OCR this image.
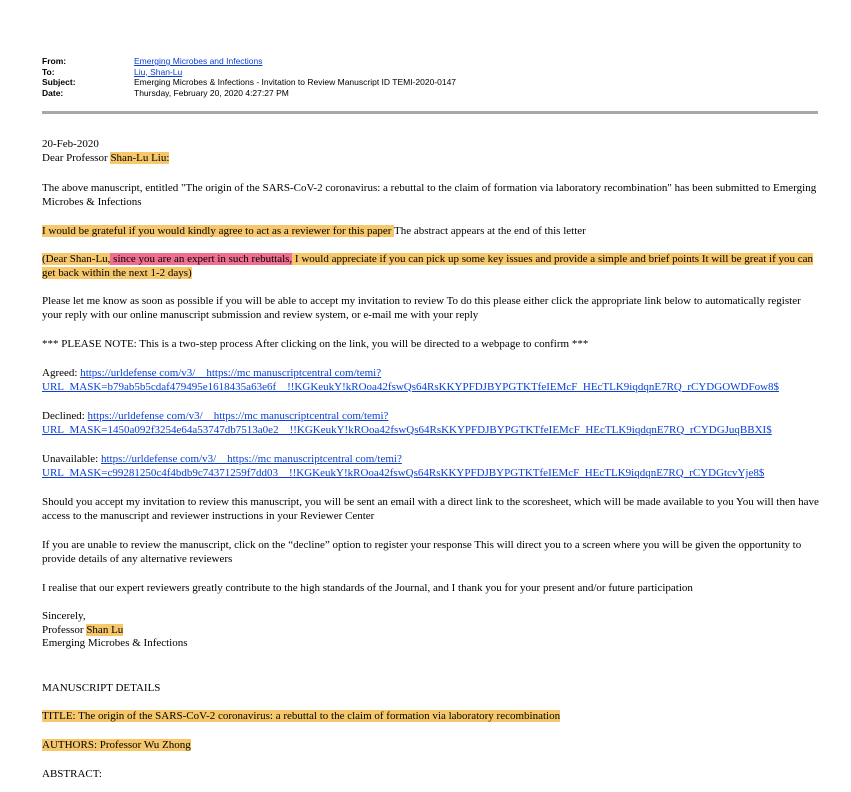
From:	Emerging Microbes and Infections
To:	Liu, Shan-Lu
Subject:	Emerging Microbes & Infections - Invitation to Review Manuscript ID TEMI-2020-0147
Date:	Thursday, February 20, 2020 4:27:27 PM

20-Feb-2020

Dear Professor Shan-Lu Liu:

The above manuscript, entitled "The origin of the SARS-CoV-2 coronavirus: a rebuttal to the claim of formation via laboratory recombination" has been submitted to Emerging Microbes & Infections

I would be grateful if you would kindly agree to act as a reviewer for this paper The abstract appears at the end of this letter

(Dear Shan-Lu, since you are an expert in such rebuttals, I would appreciate if you can pick up some key issues and provide a simple and brief points It will be great if you can get back within the next 1-2 days)

Please let me know as soon as possible if you will be able to accept my invitation to review To do this please either click the appropriate link below to automatically register your reply with our online manuscript submission and review system, or e-mail me with your reply

*** PLEASE NOTE: This is a two-step process After clicking on the link, you will be directed to a webpage to confirm ***

Agreed: https://urldefense com/v3/__https://mc manuscriptcentral com/temi?
URL_MASK=b79ab5b5cdaf479495e1618435a63e6f__!!KGKeukY!kROoa42fswQs64RsKKYPFDJBYPGTKTfeIEMcF_HEcTLK9iqdqnE7RQ_rCYDGOWDFow8$

Declined: https://urldefense com/v3/__https://mc manuscriptcentral com/temi?
URL_MASK=1450a092f3254e64a53747db7513a0e2__!!KGKeukY!kROoa42fswQs64RsKKYPFDJBYPGTKTfeIEMcF_HEcTLK9iqdqnE7RQ_rCYDGJuqBBXI$

Unavailable: https://urldefense com/v3/__https://mc manuscriptcentral com/temi?
URL_MASK=c99281250c4f4bdb9c74371259f7dd03__!!KGKeukY!kROoa42fswQs64RsKKYPFDJBYPGTKTfeIEMcF_HEcTLK9iqdqnE7RQ_rCYDGtcvYje8$

Should you accept my invitation to review this manuscript, you will be sent an email with a direct link to the scoresheet, which will be made available to you You will then have access to the manuscript and reviewer instructions in your Reviewer Center

If you are unable to review the manuscript, click on the “decline” option to register your response This will direct you to a screen where you will be given the opportunity to provide details of any alternative reviewers

I realise that our expert reviewers greatly contribute to the high standards of the Journal, and I thank you for your present and/or future participation

Sincerely,
Professor Shan Lu
Emerging Microbes & Infections

MANUSCRIPT DETAILS

TITLE: The origin of the SARS-CoV-2 coronavirus: a rebuttal to the claim of formation via laboratory recombination

AUTHORS: Professor Wu Zhong

ABSTRACT:
